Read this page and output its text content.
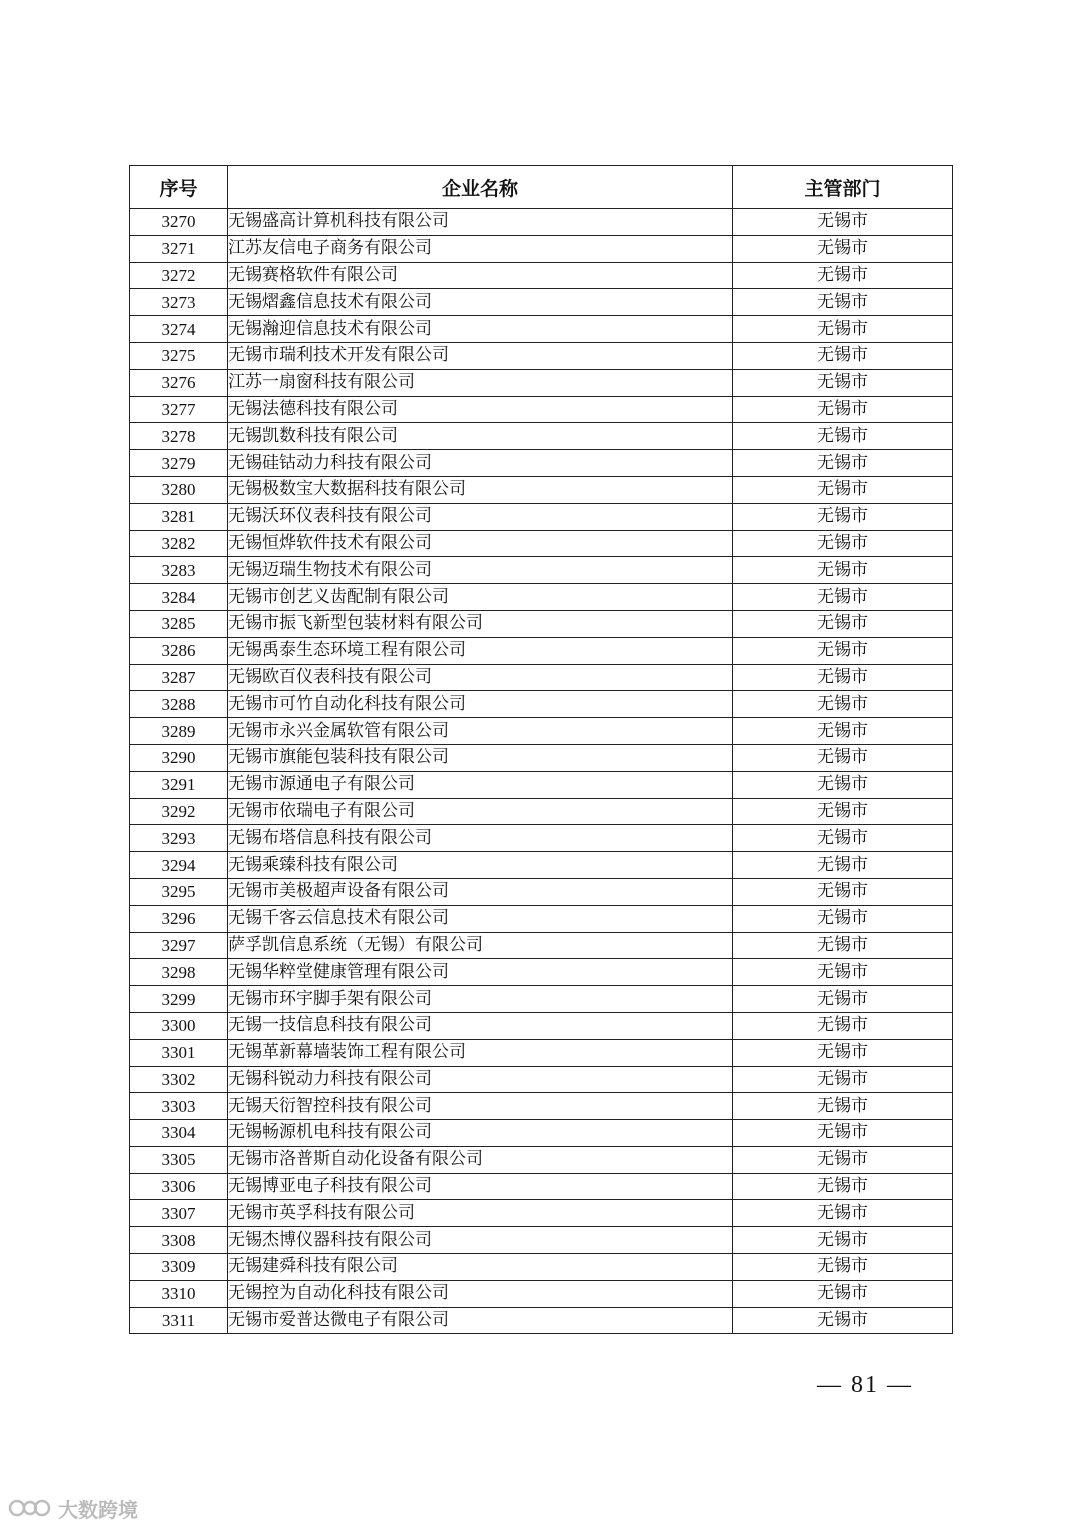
序号	企业名称	主管部门
3270	无锡盛高计算机科技有限公司	无锡市
3271	江苏友信电子商务有限公司	无锡市
3272	无锡赛格软件有限公司	无锡市
3273	无锡熠鑫信息技术有限公司	无锡市
3274	无锡瀚迎信息技术有限公司	无锡市
3275	无锡市瑞利技术开发有限公司	无锡市
3276	江苏一扇窗科技有限公司	无锡市
3277	无锡法德科技有限公司	无锡市
3278	无锡凯数科技有限公司	无锡市
3279	无锡硅钴动力科技有限公司	无锡市
3280	无锡极数宝大数据科技有限公司	无锡市
3281	无锡沃环仪表科技有限公司	无锡市
3282	无锡恒烨软件技术有限公司	无锡市
3283	无锡迈瑞生物技术有限公司	无锡市
3284	无锡市创艺义齿配制有限公司	无锡市
3285	无锡市振飞新型包装材料有限公司	无锡市
3286	无锡禹泰生态环境工程有限公司	无锡市
3287	无锡欧百仪表科技有限公司	无锡市
3288	无锡市可竹自动化科技有限公司	无锡市
3289	无锡市永兴金属软管有限公司	无锡市
3290	无锡市旗能包装科技有限公司	无锡市
3291	无锡市源通电子有限公司	无锡市
3292	无锡市依瑞电子有限公司	无锡市
3293	无锡布塔信息科技有限公司	无锡市
3294	无锡乘臻科技有限公司	无锡市
3295	无锡市美极超声设备有限公司	无锡市
3296	无锡千客云信息技术有限公司	无锡市
3297	萨孚凯信息系统（无锡）有限公司	无锡市
3298	无锡华粹堂健康管理有限公司	无锡市
3299	无锡市环宇脚手架有限公司	无锡市
3300	无锡一技信息科技有限公司	无锡市
3301	无锡革新幕墙装饰工程有限公司	无锡市
3302	无锡科锐动力科技有限公司	无锡市
3303	无锡天衍智控科技有限公司	无锡市
3304	无锡畅源机电科技有限公司	无锡市
3305	无锡市洛普斯自动化设备有限公司	无锡市
3306	无锡博亚电子科技有限公司	无锡市
3307	无锡市英孚科技有限公司	无锡市
3308	无锡杰博仪器科技有限公司	无锡市
3309	无锡建舜科技有限公司	无锡市
3310	无锡控为自动化科技有限公司	无锡市
3311	无锡市爱普达微电子有限公司	无锡市
— 81 —
大数跨境
